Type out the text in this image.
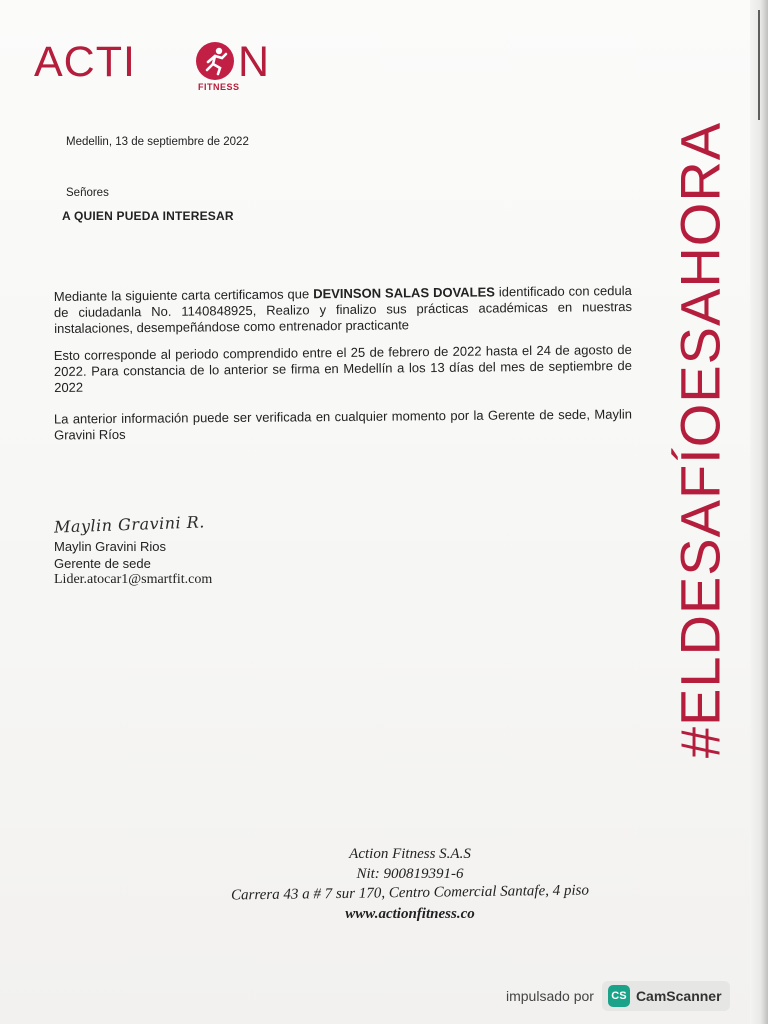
ACTI N
FITNESS
Medellin, 13 de septiembre de 2022
Señores
A QUIEN PUEDA INTERESAR
Mediante la siguiente carta certificamos que DEVINSON SALAS DOVALES identificado con cedula de ciudadanla No. 1140848925, Realizo y finalizo sus prácticas académicas en nuestras instalaciones, desempeñándose como entrenador practicante
Esto corresponde al periodo comprendido entre el 25 de febrero de 2022 hasta el 24 de agosto de 2022. Para constancia de lo anterior se firma en Medellín a los 13 días del mes de septiembre de 2022
La anterior información puede ser verificada en cualquier momento por la Gerente de sede, Maylin Gravini Ríos
Maylin Gravini R.
Maylin Gravini Rios
Gerente de sede
Lider.atocar1@smartfit.com	#ELDESAFÍOESAHORA
Action Fitness S.A.S
Nit: 900819391-6
Carrera 43 a # 7 sur 170, Centro Comercial Santafe, 4 piso
www.actionfitness.co
impulsado por	CS CamScanner
